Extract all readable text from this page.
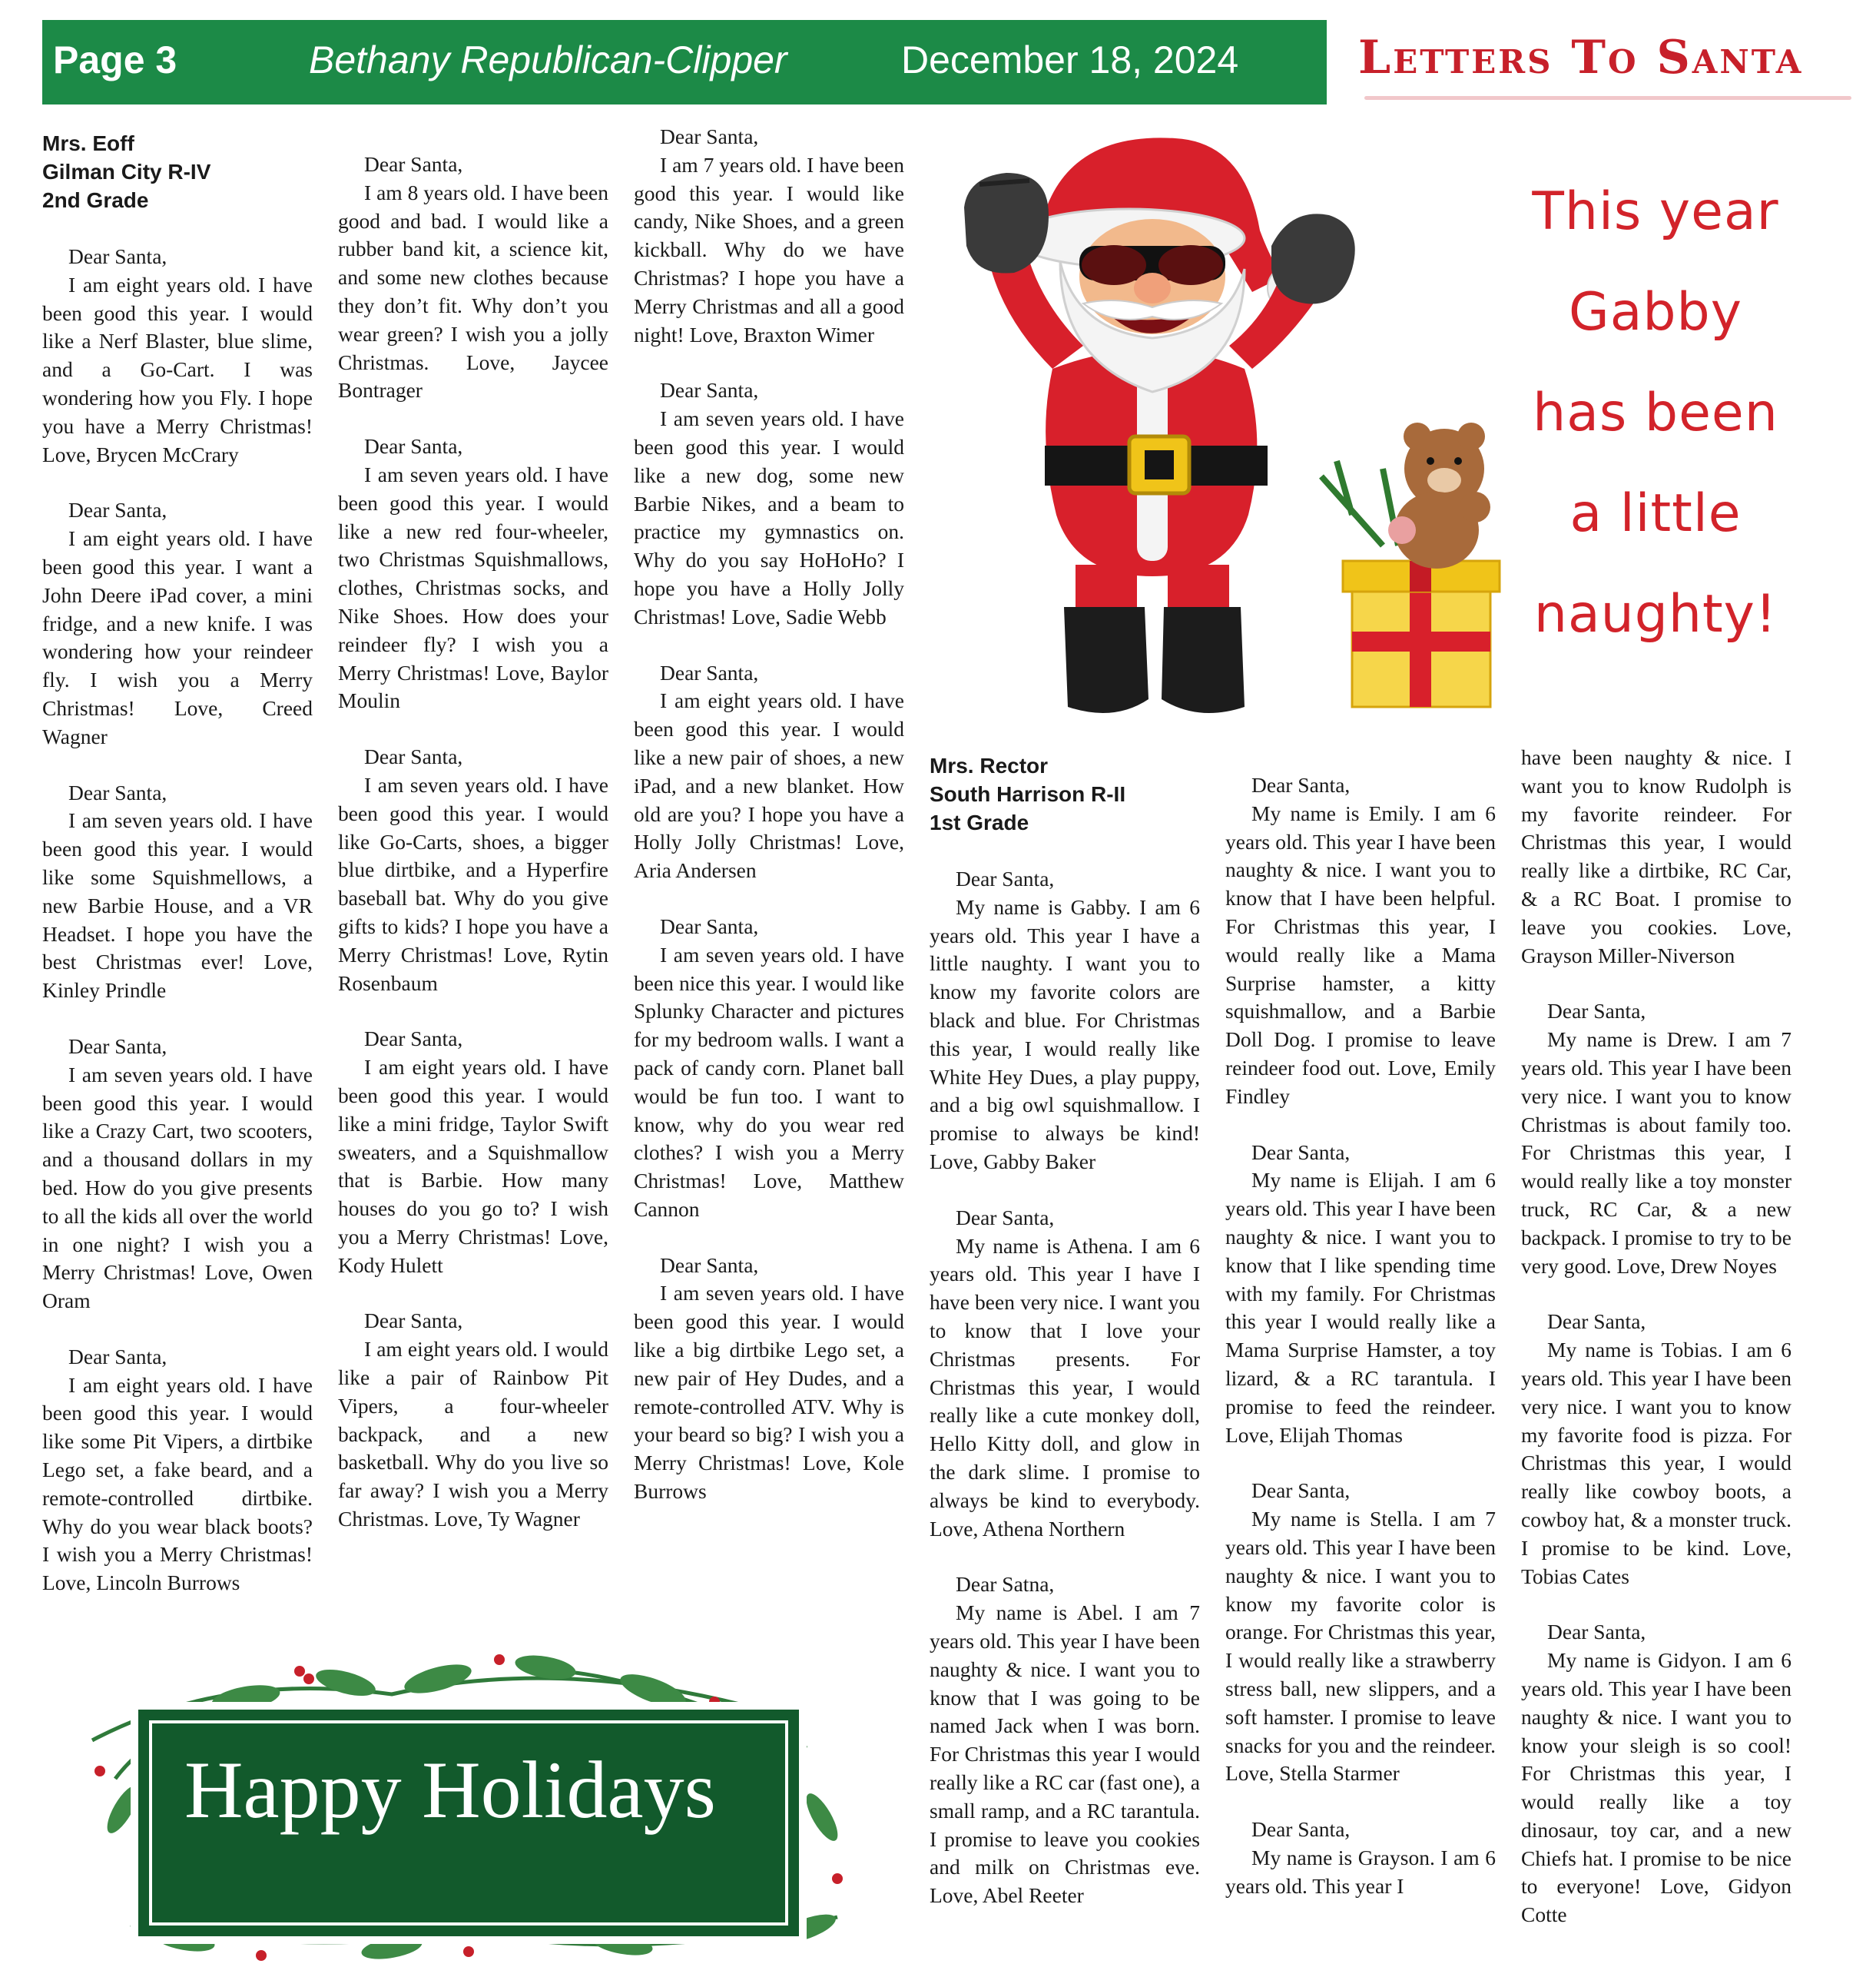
Page 3	Bethany Republican-Clipper	December 18, 2024	Letters To Santa
Mrs. Eoff
Gilman City R-IV
2nd Grade

Dear Santa,

I am eight years old. I have been good this year. I would like a Nerf Blaster, blue slime, and a Go-Cart. I was wondering how you Fly. I hope you have a Merry Christmas! Love, Brycen McCrary

Dear Santa,

I am eight years old. I have been good this year. I want a John Deere iPad cover, a mini fridge, and a new knife. I was wondering how your reindeer fly. I wish you a Merry Christmas! Love, Creed Wagner

Dear Santa,

I am seven years old. I have been good this year. I would like some Squishmellows, a new Barbie House, and a VR Headset. I hope you have the best Christmas ever! Love, Kinley Prindle

Dear Santa,

I am seven years old. I have been good this year. I would like a Crazy Cart, two scooters, and a thousand dollars in my bed. How do you give presents to all the kids all over the world in one night? I wish you a Merry Christmas! Love, Owen Oram

Dear Santa,

I am eight years old. I have been good this year. I would like some Pit Vipers, a dirtbike Lego set, a fake beard, and a remote-controlled dirtbike. Why do you wear black boots? I wish you a Merry Christmas! Love, Lincoln Burrows

Dear Santa,

I am 8 years old. I have been good and bad. I would like a rubber band kit, a science kit, and some new clothes because they don’t fit. Why don’t you wear green? I wish you a jolly Christmas. Love, Jaycee Bontrager

Dear Santa,

I am seven years old. I have been good this year. I would like a new red four-wheeler, two Christmas Squishmallows, clothes, Christmas socks, and Nike Shoes. How does your reindeer fly? I wish you a Merry Christmas! Love, Baylor Moulin

Dear Santa,

I am seven years old. I have been good this year. I would like Go-Carts, shoes, a bigger blue dirtbike, and a Hyperfire baseball bat. Why do you give gifts to kids? I hope you have a Merry Christmas! Love, Rytin Rosenbaum

Dear Santa,

I am eight years old. I have been good this year. I would like a mini fridge, Taylor Swift sweaters, and a Squishmallow that is Barbie. How many houses do you go to? I wish you a Merry Christmas! Love, Kody Hulett

Dear Santa,

I am eight years old. I would like a pair of Rainbow Pit Vipers, a four-wheeler backpack, and a new basketball. Why do you live so far away? I wish you a Merry Christmas. Love, Ty Wagner

Dear Santa,

I am 7 years old. I have been good this year. I would like candy, Nike Shoes, and a green kickball. Why do we have Christmas? I hope you have a Merry Christmas and all a good night! Love, Braxton Wimer

Dear Santa,

I am seven years old. I have been good this year. I would like a new dog, some new Barbie Nikes, and a beam to practice my gymnastics on. Why do you say HoHoHo? I hope you have a Holly Jolly Christmas! Love, Sadie Webb

Dear Santa,

I am eight years old. I have been good this year. I would like a new pair of shoes, a new iPad, and a new blanket. How old are you? I hope you have a Holly Jolly Christmas! Love, Aria Andersen

Dear Santa,

I am seven years old. I have been nice this year. I would like Splunky Character and pictures for my bedroom walls. I want a pack of candy corn. Planet ball would be fun too. I want to know, why do you wear red clothes? I wish you a Merry Christmas! Love, Matthew Cannon

Dear Santa,

I am seven years old. I have been good this year. I would like a big dirtbike Lego set, a new pair of Hey Dudes, and a remote-controlled ATV. Why is your beard so big? I wish you a Merry Christmas! Love, Kole Burrows

This year
Gabby
has been
a little
naughty!
Mrs. Rector
South Harrison R-II
1st Grade

Dear Santa,

My name is Gabby. I am 6 years old. This year I have a little naughty. I want you to know my favorite colors are black and blue. For Christmas this year, I would really like White Hey Dues, a play puppy, and a big owl squishmallow. I promise to always be kind! Love, Gabby Baker

Dear Santa,

My name is Athena. I am 6 years old. This year I have I have been very nice. I want you to know that I love your Christmas presents. For Christmas this year, I would really like a cute monkey doll, Hello Kitty doll, and glow in the dark slime. I promise to always be kind to everybody. Love, Athena Northern

Dear Satna,

My name is Abel. I am 7 years old. This year I have been naughty & nice. I want you to know that I was going to be named Jack when I was born. For Christmas this year I would really like a RC car (fast one), a small ramp, and a RC tarantula. I promise to leave you cookies and milk on Christmas eve. Love, Abel Reeter

Dear Santa,

My name is Emily. I am 6 years old. This year I have been naughty & nice. I want you to know that I have been helpful. For Christmas this year, I would really like a Mama Surprise hamster, a kitty squishmallow, and a Barbie Doll Dog. I promise to leave reindeer food out. Love, Emily Findley

Dear Santa,

My name is Elijah. I am 6 years old. This year I have been naughty & nice. I want you to know that I like spending time with my family. For Christmas this year I would really like a Mama Surprise Hamster, a toy lizard, & a RC tarantula. I promise to feed the reindeer. Love, Elijah Thomas

Dear Santa,

My name is Stella. I am 7 years old. This year I have been naughty & nice. I want you to know my favorite color is orange. For Christmas this year, I would really like a strawberry stress ball, new slippers, and a soft hamster. I promise to leave snacks for you and the reindeer. Love, Stella Starmer

Dear Santa,

My name is Grayson. I am 6 years old. This year I

have been naughty & nice. I want you to know Rudolph is my favorite reindeer. For Christmas this year, I would really like a dirtbike, RC Car, & a RC Boat. I promise to leave you cookies. Love, Grayson Miller-Niverson

Dear Santa,

My name is Drew. I am 7 years old. This year I have been very nice. I want you to know Christmas is about family too. For Christmas this year, I would really like a toy monster truck, RC Car, & a new backpack. I promise to try to be very good. Love, Drew Noyes

Dear Santa,

My name is Tobias. I am 6 years old. This year I have been very nice. I want you to know my favorite food is pizza. For Christmas this year, I would really like cowboy boots, a cowboy hat, & a monster truck. I promise to be kind. Love, Tobias Cates

Dear Santa,

My name is Gidyon. I am 6 years old. This year I have been naughty & nice. I want you to know your sleigh is so cool! For Christmas this year, I would really like a toy dinosaur, toy car, and a new Chiefs hat. I promise to be nice to everyone! Love, Gidyon Cotte

Happy Holidays
